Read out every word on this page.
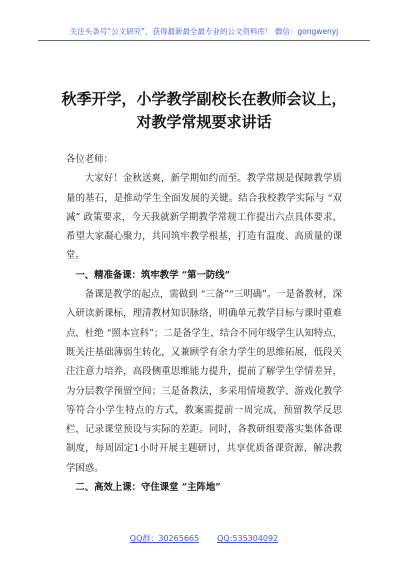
关注头条号“公文研究”，获得最新最全最专业的公文资料库！ 微信：gongwenyj
秋季开学，小学教学副校长在教师会议上，
对教学常规要求讲话

各位老师：

大家好！金秋送爽，新学期如约而至。教学常规是保障教学质量的基石，是推动学生全面发展的关键。结合我校教学实际与 “双减” 政策要求，今天我就新学期教学常规工作提出六点具体要求，希望大家凝心聚力，共同筑牢教学根基，打造有温度、高质量的课堂。

一、精准备课：筑牢教学 “第一防线”

备课是教学的起点，需做到 “三备”“三明确”。一是备教材，深入研读新课标，理清教材知识脉络，明确单元教学目标与课时重难点，杜绝 “照本宣科”；二是备学生，结合不同年级学生认知特点，既关注基础薄弱生转化，又兼顾学有余力学生的思维拓展，低段关注注意力培养，高段侧重思维能力提升，提前了解学生学情差异，为分层教学预留空间；三是备教法，多采用情境教学、游戏化教学等符合小学生特点的方式，教案需提前一周完成，预留教学反思栏，记录课堂预设与实际的差距。同时，各教研组要落实集体备课制度，每周固定1小时开展主题研讨，共享优质备课资源，解决教学困惑。

二、高效上课：守住课堂 “主阵地”

QQ群：30265665 QQ:535304092
